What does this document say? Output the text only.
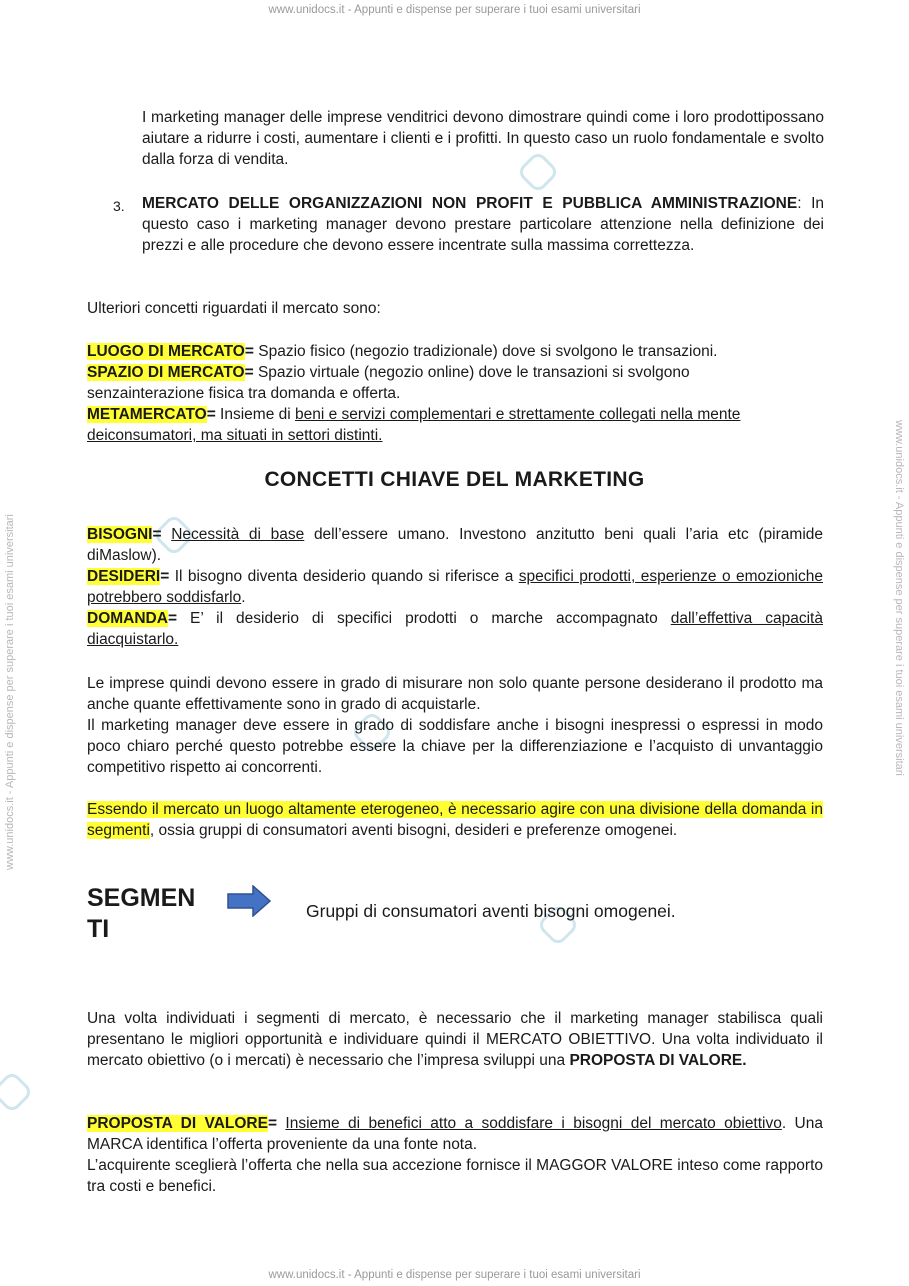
www.unidocs.it - Appunti e dispense per superare i tuoi esami universitari
www.unidocs.it - Appunti e dispense per superare i tuoi esami universitari
www.unidocs.it - Appunti e dispense per superare i tuoi esami universitari	www.unidocs.it - Appunti e dispense per superare i tuoi esami universitari
I marketing manager delle imprese venditrici devono dimostrare quindi come i loro prodottipossano aiutare a ridurre i costi, aumentare i clienti e i profitti. In questo caso un ruolo fondamentale e svolto dalla forza di vendita.
3. MERCATO DELLE ORGANIZZAZIONI NON PROFIT E PUBBLICA AMMINISTRAZIONE: In questo caso i marketing manager devono prestare particolare attenzione nella definizione dei prezzi e alle procedure che devono essere incentrate sulla massima correttezza.
Ulteriori concetti riguardati il mercato sono:
LUOGO DI MERCATO= Spazio fisico (negozio tradizionale) dove si svolgono le transazioni.
SPAZIO DI MERCATO= Spazio virtuale (negozio online) dove le transazioni si svolgono senzainterazione fisica tra domanda e offerta.
METAMERCATO= Insieme di beni e servizi complementari e strettamente collegati nella mente deiconsumatori, ma situati in settori distinti.
CONCETTI CHIAVE DEL MARKETING
BISOGNI= Necessità di base dell’essere umano. Investono anzitutto beni quali l’aria etc (piramide diMaslow).
DESIDERI= Il bisogno diventa desiderio quando si riferisce a specifici prodotti, esperienze o emozioniche potrebbero soddisfarlo.
DOMANDA= E’ il desiderio di specifici prodotti o marche accompagnato dall’effettiva capacità diacquistarlo.
Le imprese quindi devono essere in grado di misurare non solo quante persone desiderano il prodotto ma anche quante effettivamente sono in grado di acquistarle.
Il marketing manager deve essere in grado di soddisfare anche i bisogni inespressi o espressi in modo poco chiaro perché questo potrebbe essere la chiave per la differenziazione e l’acquisto di unvantaggio competitivo rispetto ai concorrenti.
Essendo il mercato un luogo altamente eterogeneo, è necessario agire con una divisione della domanda in segmenti, ossia gruppi di consumatori aventi bisogni, desideri e preferenze omogenei.
SEGMEN
TI
Gruppi di consumatori aventi bisogni omogenei.
Una volta individuati i segmenti di mercato, è necessario che il marketing manager stabilisca quali presentano le migliori opportunità e individuare quindi il MERCATO OBIETTIVO. Una volta individuato il mercato obiettivo (o i mercati) è necessario che l’impresa sviluppi una PROPOSTA DI VALORE.
PROPOSTA DI VALORE= Insieme di benefici atto a soddisfare i bisogni del mercato obiettivo. Una MARCA identifica l’offerta proveniente da una fonte nota.
L’acquirente sceglierà l’offerta che nella sua accezione fornisce il MAGGOR VALORE inteso come rapporto tra costi e benefici.
